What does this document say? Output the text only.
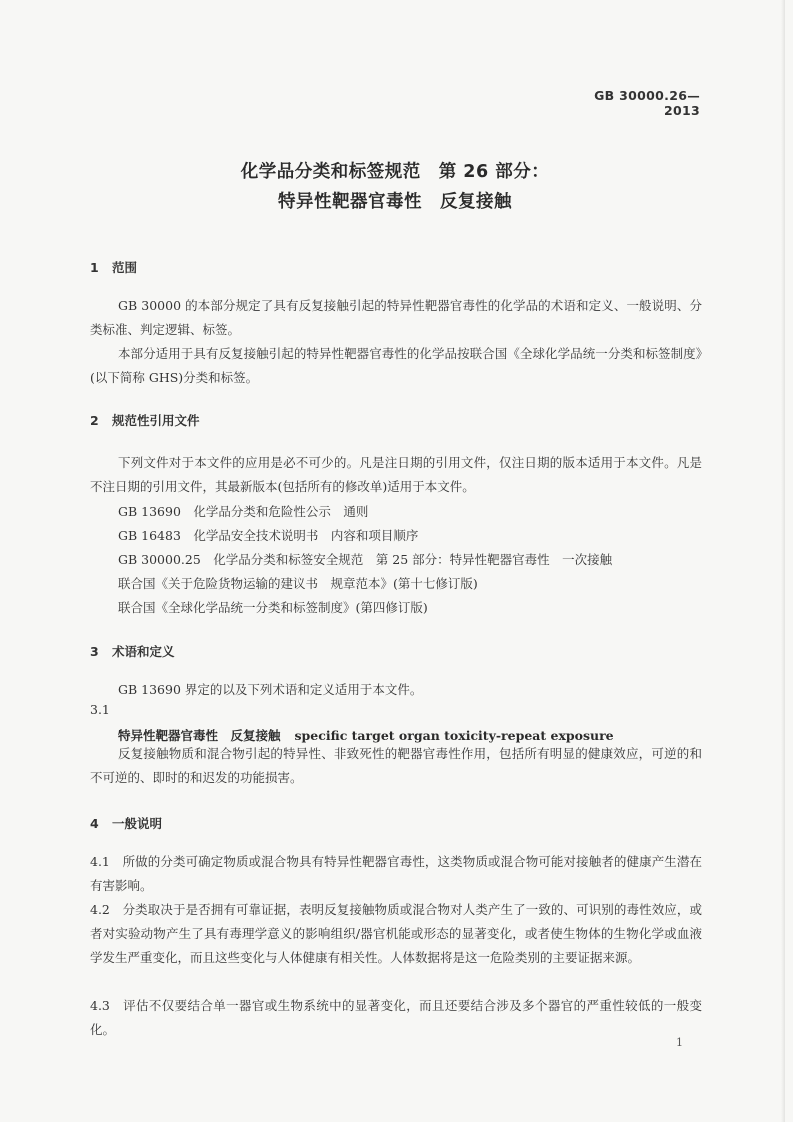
GB 30000.26—2013
化学品分类和标签规范　第 26 部分：
特异性靶器官毒性　反复接触
1 范围
GB 30000 的本部分规定了具有反复接触引起的特异性靶器官毒性的化学品的术语和定义、一般说明、分类标准、判定逻辑、标签。
本部分适用于具有反复接触引起的特异性靶器官毒性的化学品按联合国《全球化学品统一分类和标签制度》(以下简称 GHS)分类和标签。
2 规范性引用文件
下列文件对于本文件的应用是必不可少的。凡是注日期的引用文件，仅注日期的版本适用于本文件。凡是不注日期的引用文件，其最新版本(包括所有的修改单)适用于本文件。
GB 13690　化学品分类和危险性公示　通则
GB 16483　化学品安全技术说明书　内容和项目顺序
GB 30000.25　化学品分类和标签安全规范　第 25 部分：特异性靶器官毒性　一次接触
联合国《关于危险货物运输的建议书　规章范本》(第十七修订版)
联合国《全球化学品统一分类和标签制度》(第四修订版)
3 术语和定义
GB 13690 界定的以及下列术语和定义适用于本文件。
3.1
特异性靶器官毒性　反复接触 specific target organ toxicity-repeat exposure
反复接触物质和混合物引起的特异性、非致死性的靶器官毒性作用，包括所有明显的健康效应，可逆的和不可逆的、即时的和迟发的功能损害。
4 一般说明
4.1　所做的分类可确定物质或混合物具有特异性靶器官毒性，这类物质或混合物可能对接触者的健康产生潜在有害影响。
4.2　分类取决于是否拥有可靠证据，表明反复接触物质或混合物对人类产生了一致的、可识别的毒性效应，或者对实验动物产生了具有毒理学意义的影响组织/器官机能或形态的显著变化，或者使生物体的生物化学或血液学发生严重变化，而且这些变化与人体健康有相关性。人体数据将是这一危险类别的主要证据来源。
4.3　评估不仅要结合单一器官或生物系统中的显著变化，而且还要结合涉及多个器官的严重性较低的一般变化。
1
